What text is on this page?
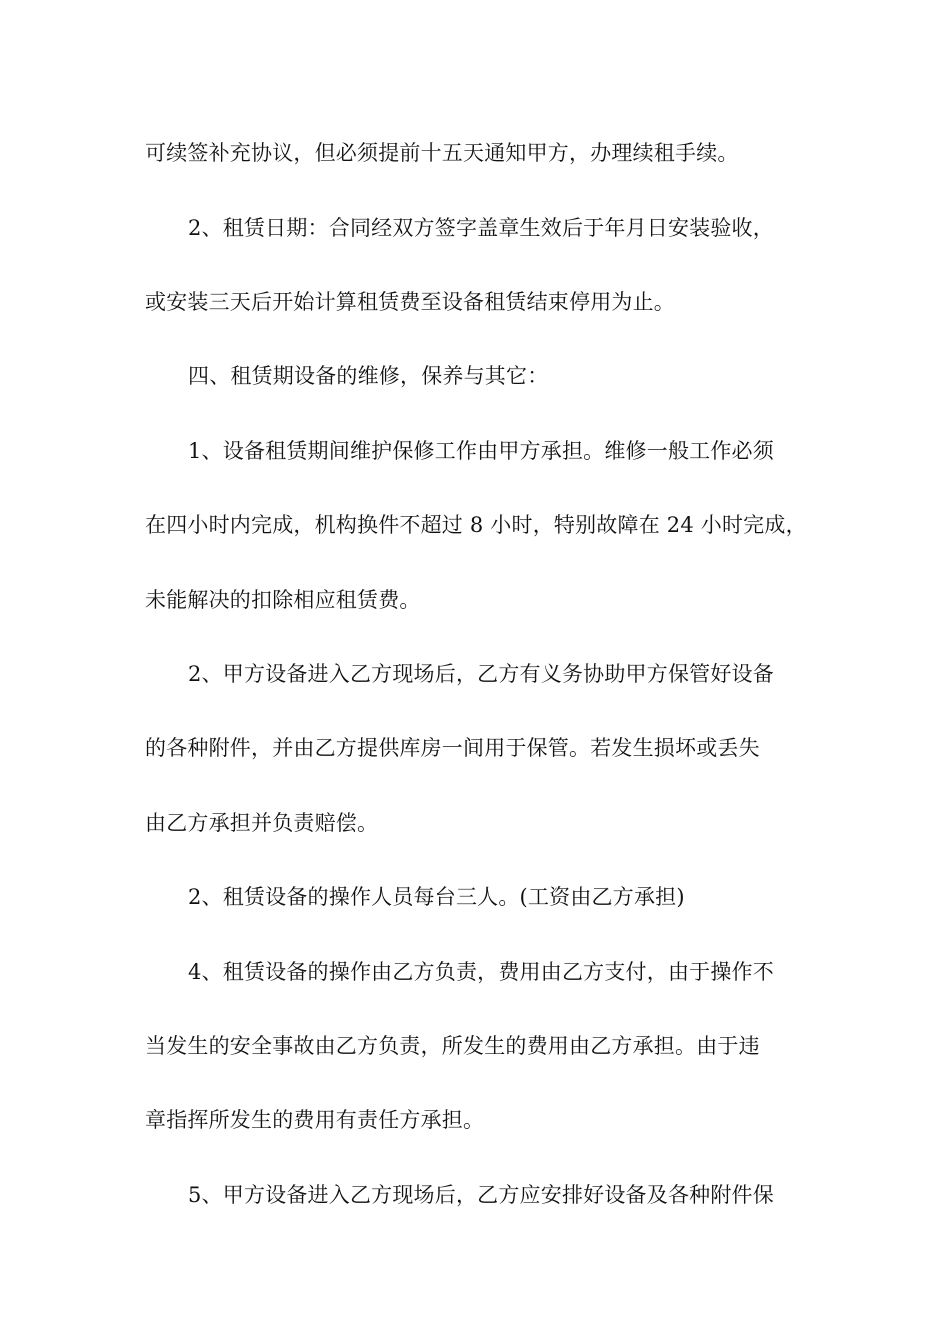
可续签补充协议，但必须提前十五天通知甲方，办理续租手续。
2、租赁日期：合同经双方签字盖章生效后于年月日安装验收，
或安装三天后开始计算租赁费至设备租赁结束停用为止。
四、租赁期设备的维修，保养与其它：
1、设备租赁期间维护保修工作由甲方承担。维修一般工作必须
在四小时内完成，机构换件不超过 8 小时，特别故障在 24 小时完成，
未能解决的扣除相应租赁费。
2、甲方设备进入乙方现场后，乙方有义务协助甲方保管好设备
的各种附件，并由乙方提供库房一间用于保管。若发生损坏或丢失
由乙方承担并负责赔偿。
2、租赁设备的操作人员每台三人。(工资由乙方承担)
4、租赁设备的操作由乙方负责，费用由乙方支付，由于操作不
当发生的安全事故由乙方负责，所发生的费用由乙方承担。由于违
章指挥所发生的费用有责任方承担。
5、甲方设备进入乙方现场后，乙方应安排好设备及各种附件保
